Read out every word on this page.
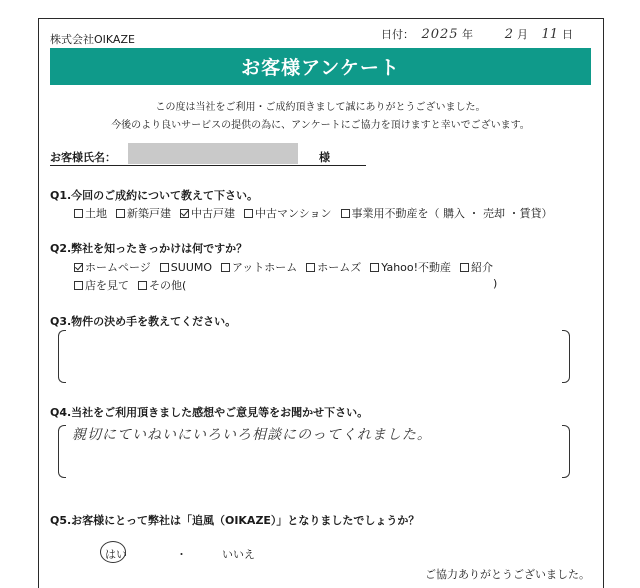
株式会社OIKAZE	日付： 2025 年	2 月	11 日
お客様アンケート
この度は当社をご利用・ご成約頂きまして誠にありがとうございました。
今後のより良いサービスの提供の為に、アンケートにご協力を頂けますと幸いでございます。
お客様氏名：	様
Q1.今回のご成約について教えて下さい。
土地 新築戸建 中古戸建 中古マンション 事業用不動産を（ 購入 ・ 売却 ・賃貸）
Q2.弊社を知ったきっかけは何ですか？
ホームページ SUUMO アットホーム ホームズ Yahoo!不動産 紹介
店を見て その他(	)
Q3.物件の決め手を教えてください。
Q4.当社をご利用頂きました感想やご意見等をお聞かせ下さい。
親切にていねいにいろいろ相談にのってくれました。
Q5.お客様にとって弊社は「追風（OIKAZE）」となりましたでしょうか？
はい	・	いいえ
ご協力ありがとうございました。
